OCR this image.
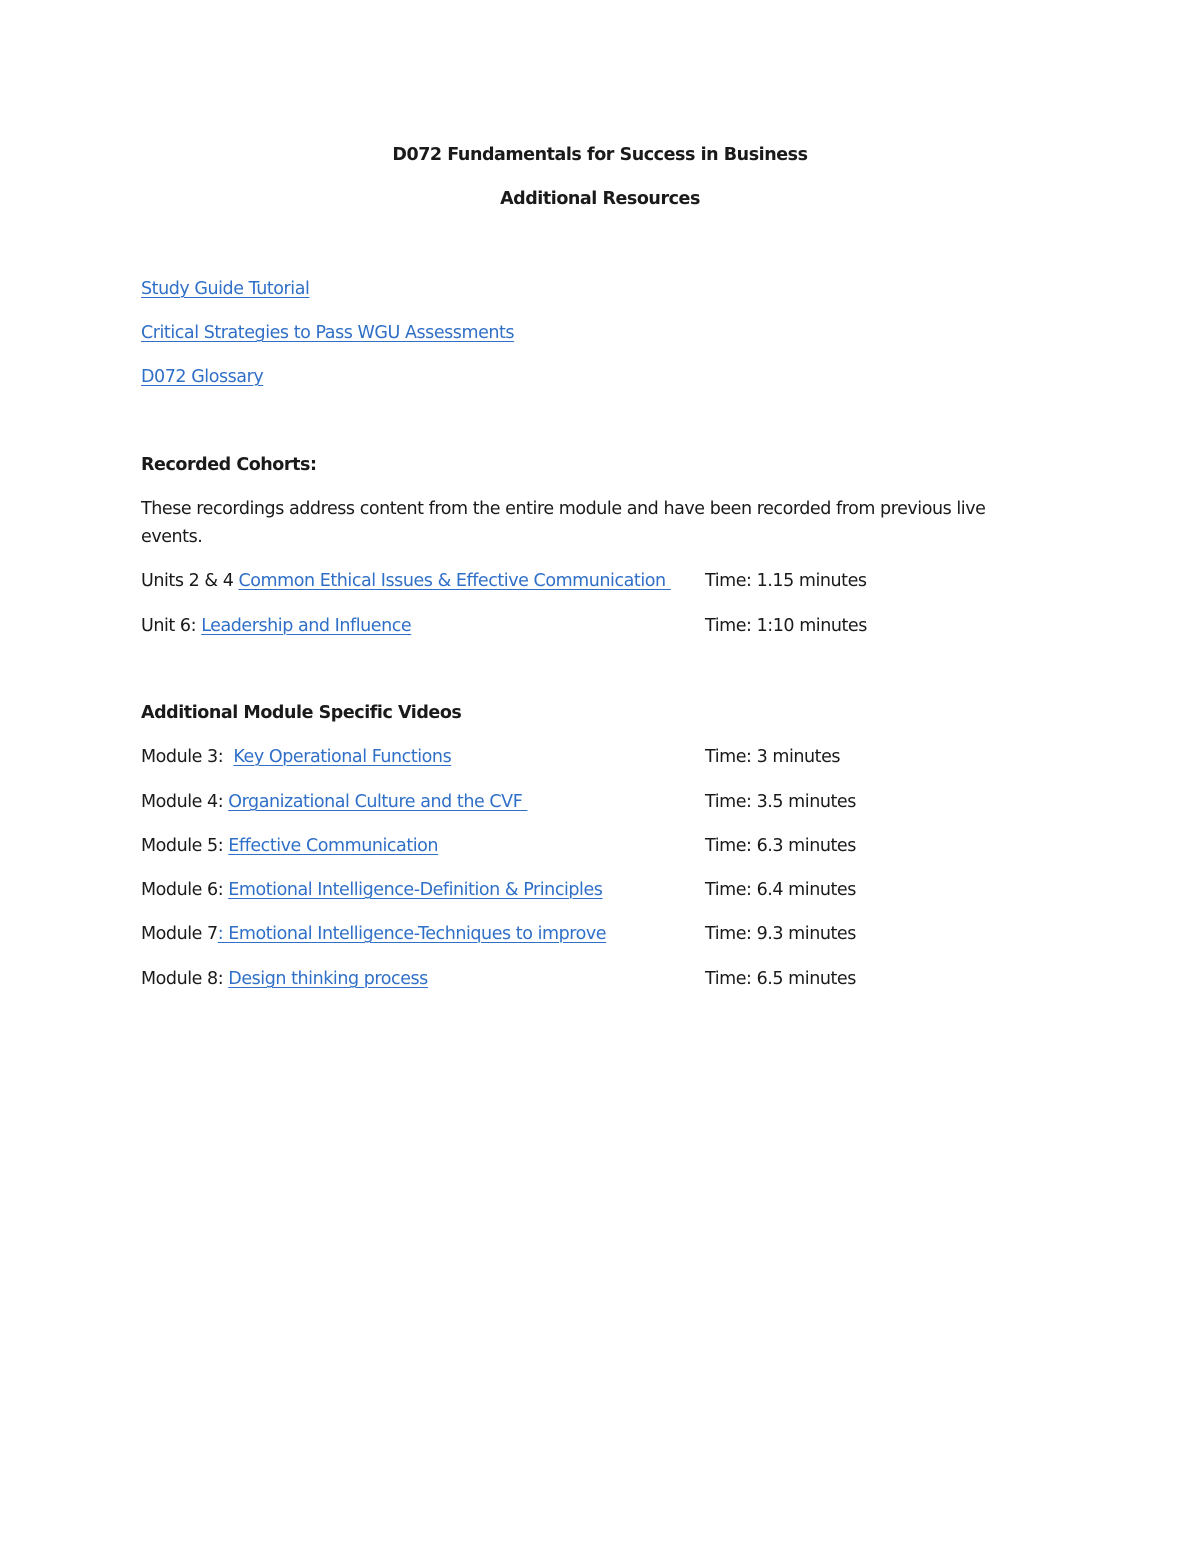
D072 Fundamentals for Success in Business
Additional Resources
Study Guide Tutorial
Critical Strategies to Pass WGU Assessments
D072 Glossary
Recorded Cohorts:
These recordings address content from the entire module and have been recorded from previous live events.
Units 2 & 4 Common Ethical Issues & Effective Communication Time: 1.15 minutes
Unit 6: Leadership and Influence	Time: 1:10 minutes
Additional Module Specific Videos
Module 3:  Key Operational Functions	Time: 3 minutes
Module 4: Organizational Culture and the CVF	Time: 3.5 minutes
Module 5: Effective Communication	Time: 6.3 minutes
Module 6: Emotional Intelligence-Definition & Principles	Time: 6.4 minutes
Module 7: Emotional Intelligence-Techniques to improve	Time: 9.3 minutes
Module 8: Design thinking process	Time: 6.5 minutes
